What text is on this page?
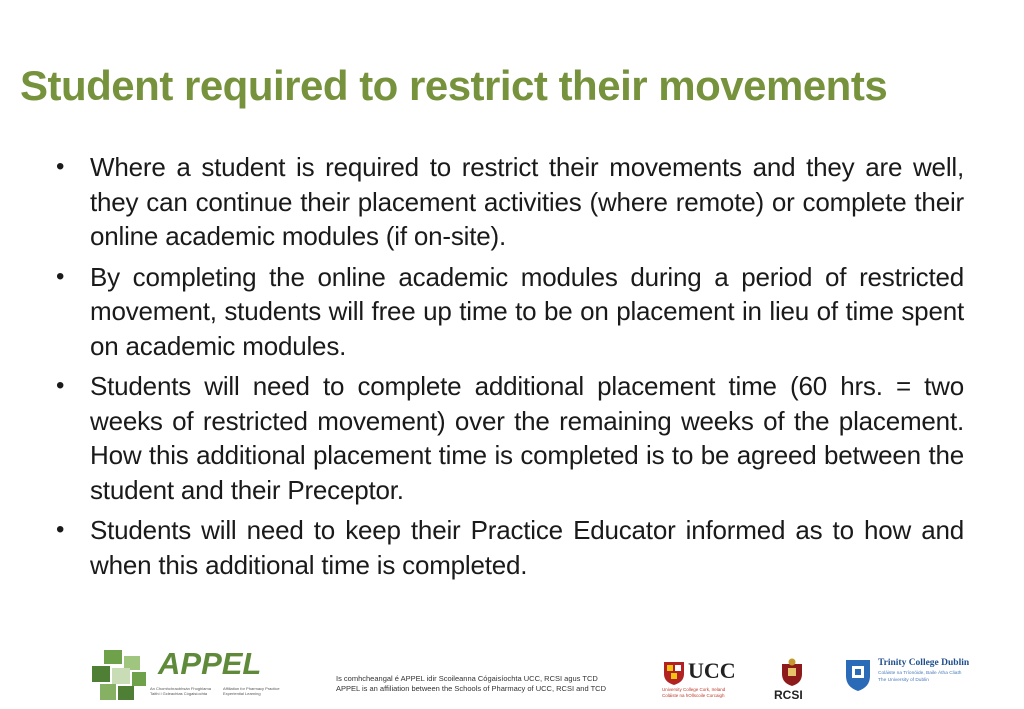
Student required to restrict their movements
• Where a student is required to restrict their movements and they are well, they can continue their placement activities (where remote) or complete their online academic modules (if on-site).
• By completing the online academic modules during a period of restricted movement, students will free up time to be on placement in lieu of time spent on academic modules.
• Students will need to complete additional placement time (60 hrs. = two weeks of restricted movement) over the remaining weeks of the placement. How this additional placement time is completed is to be agreed between the student and their Preceptor.
• Students will need to keep their Practice Educator informed as to how and when this additional time is completed.
APPEL
An Chomhchraobhsán Fhoghlama Taithí i Gcleachtas Cógaisíochta
Affiliation for Pharmacy Practice Experiential Learning
Is comhcheangal é APPEL idir Scoileanna Cógaisíochta UCC, RCSI agus TCD
APPEL is an affiliation between the Schools of Pharmacy of UCC, RCSI and TCD
UCC
University College Cork, Ireland
Coláiste na hOllscoile Corcaigh	RCSI
Trinity College Dublin
Coláiste na Tríonóide, Baile Átha Cliath
The University of Dublin
